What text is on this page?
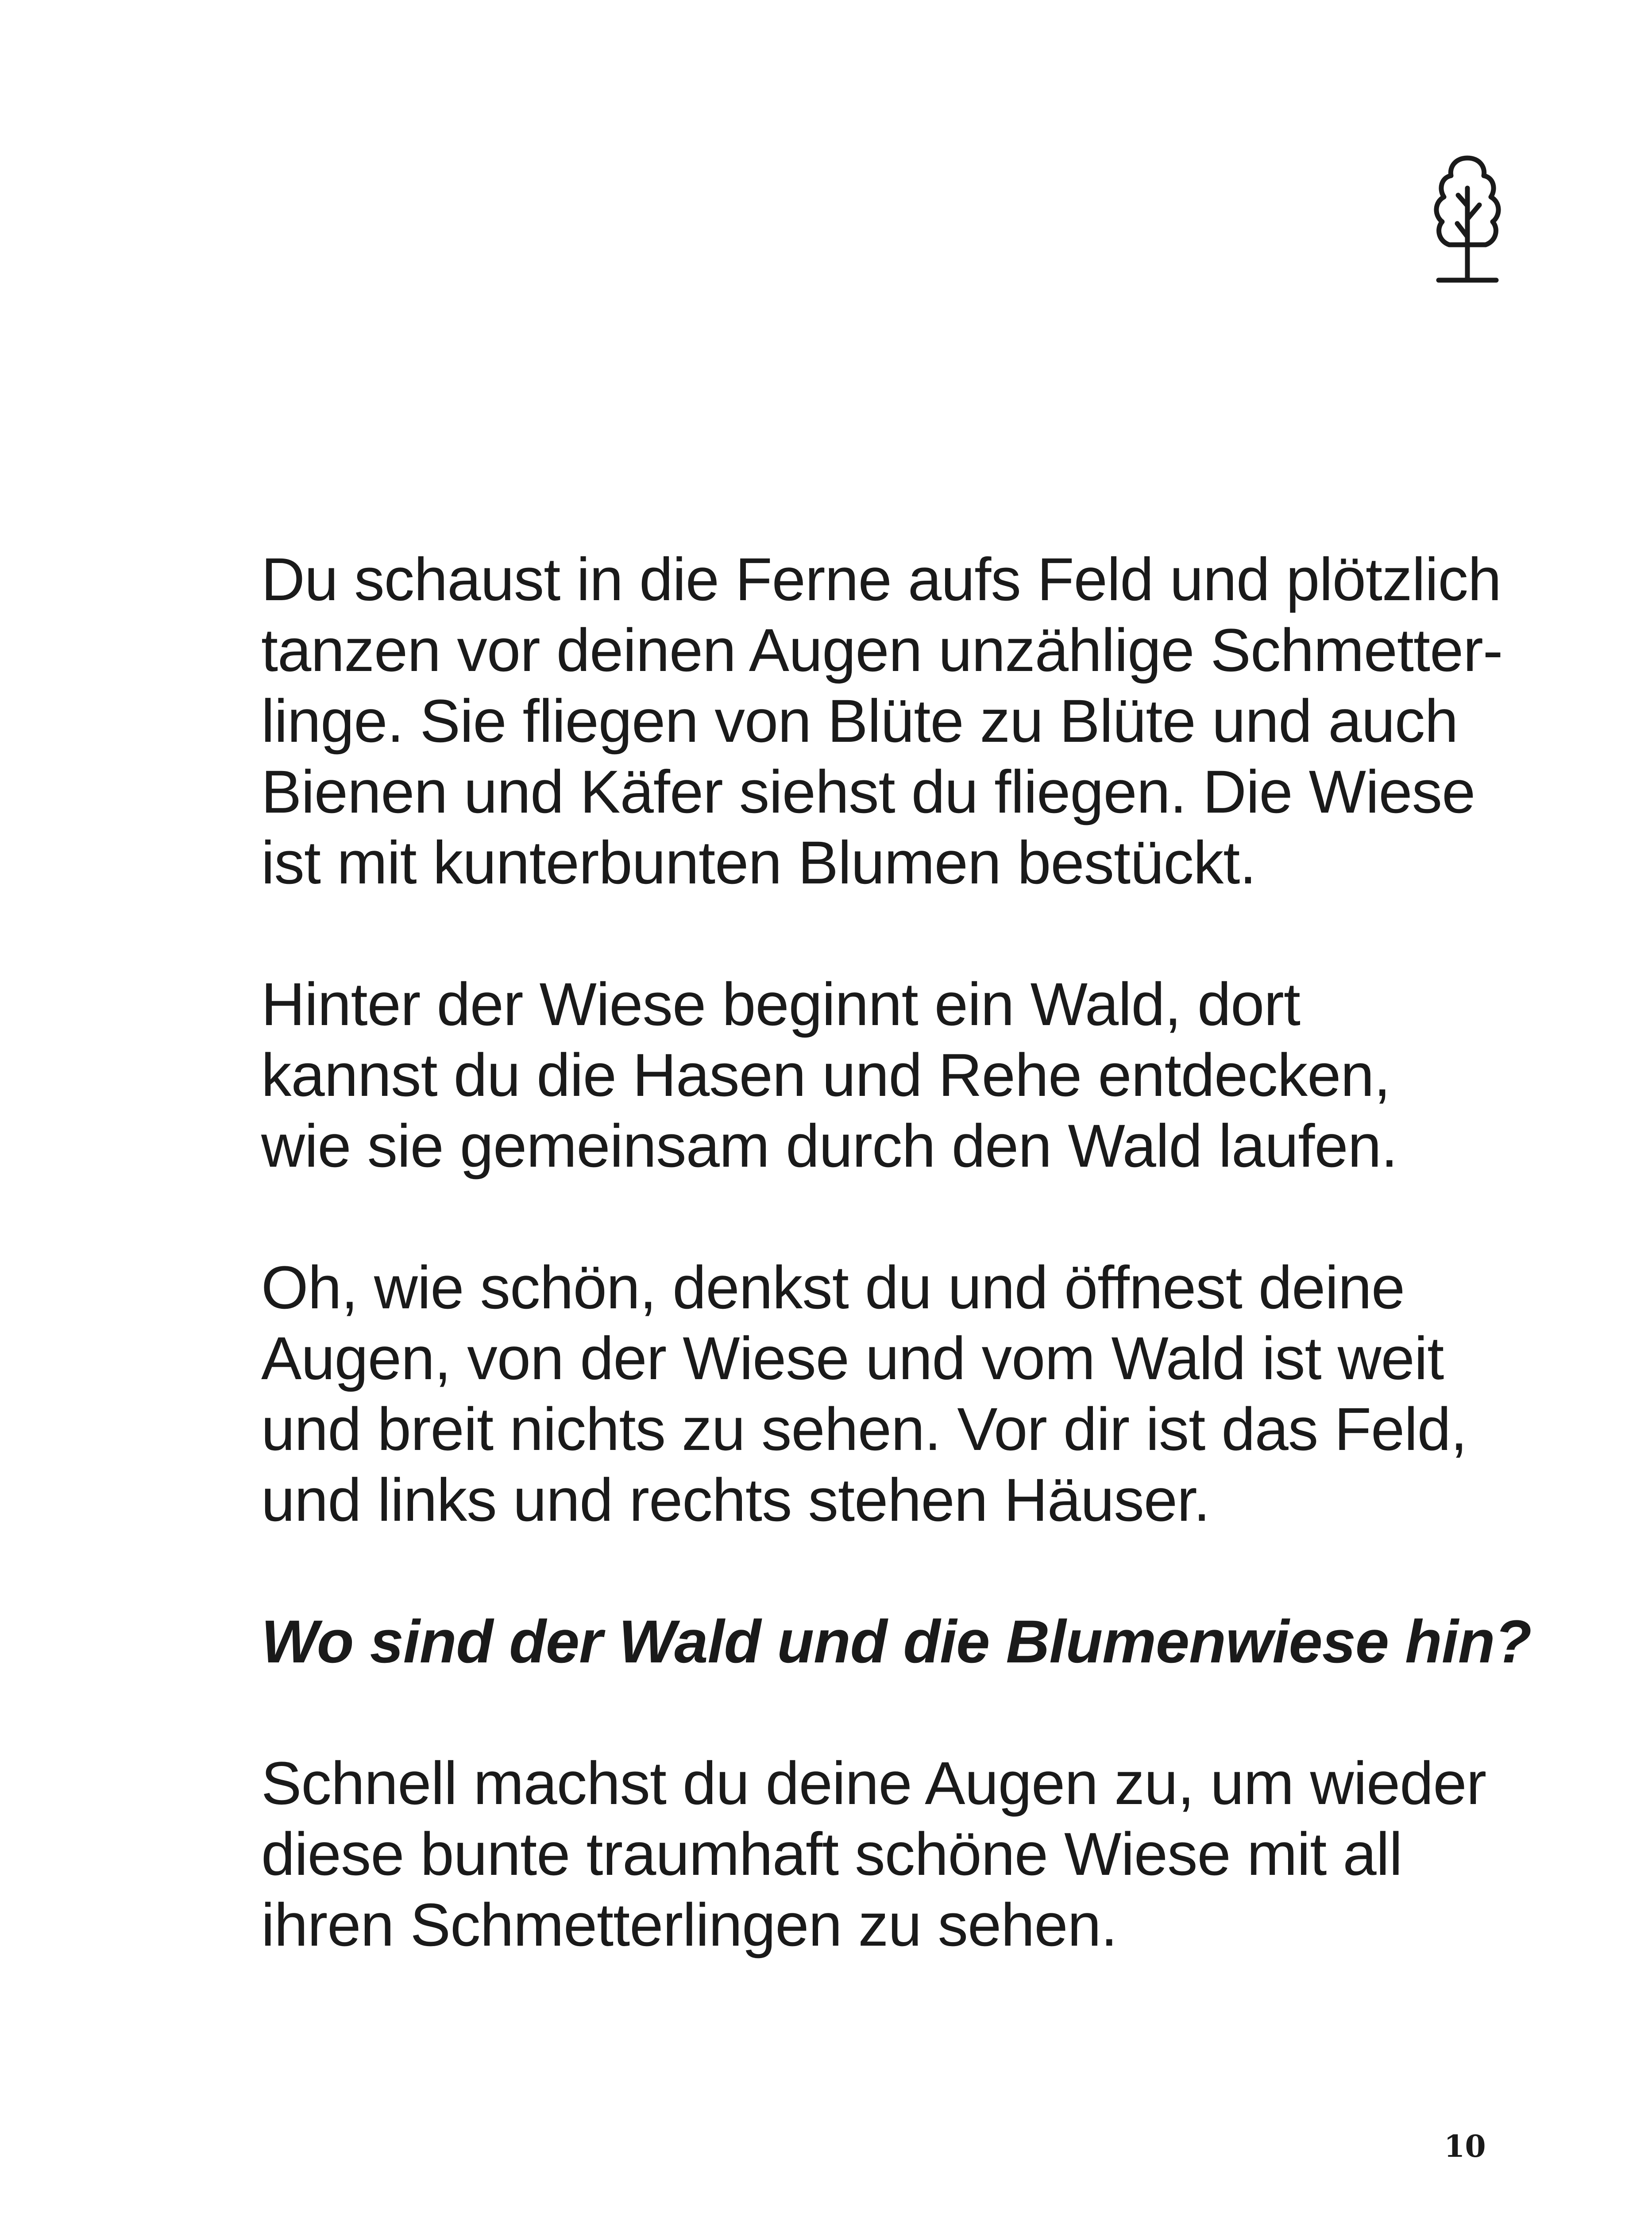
Du schaust in die Ferne aufs Feld und plötzlich
tanzen vor deinen Augen unzählige Schmetter-
linge. Sie fliegen von Blüte zu Blüte und auch
Bienen und Käfer siehst du fliegen. Die Wiese
ist mit kunterbunten Blumen bestückt.
Hinter der Wiese beginnt ein Wald, dort
kannst du die Hasen und Rehe entdecken,
wie sie gemeinsam durch den Wald laufen.
Oh, wie schön, denkst du und öffnest deine
Augen, von der Wiese und vom Wald ist weit
und breit nichts zu sehen. Vor dir ist das Feld,
und links und rechts stehen Häuser.
Wo sind der Wald und die Blumenwiese hin?
Schnell machst du deine Augen zu, um wieder
diese bunte traumhaft schöne Wiese mit all
ihren Schmetterlingen zu sehen.
10
